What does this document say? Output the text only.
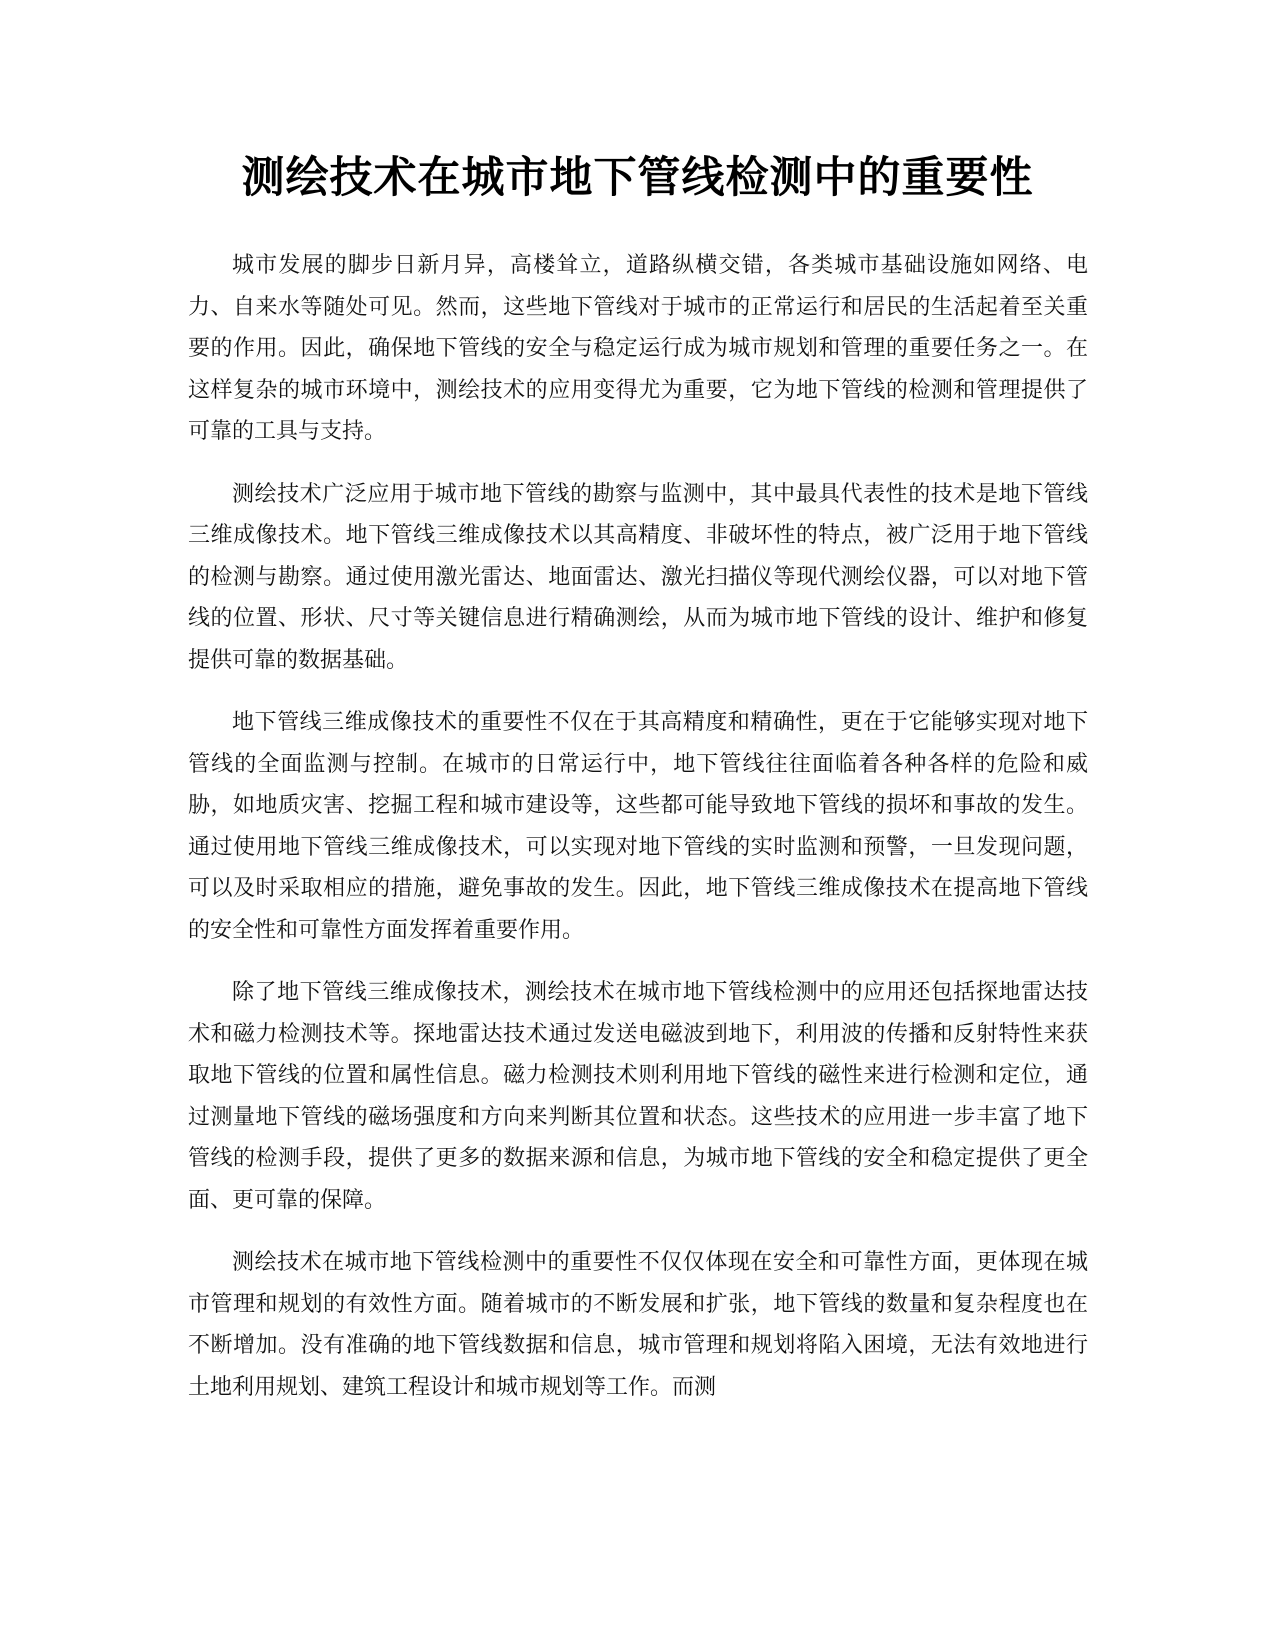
测绘技术在城市地下管线检测中的重要性

城市发展的脚步日新月异，高楼耸立，道路纵横交错，各类城市基础设施如网络、电力、自来水等随处可见。然而，这些地下管线对于城市的正常运行和居民的生活起着至关重要的作用。因此，确保地下管线的安全与稳定运行成为城市规划和管理的重要任务之一。在这样复杂的城市环境中，测绘技术的应用变得尤为重要，它为地下管线的检测和管理提供了可靠的工具与支持。

测绘技术广泛应用于城市地下管线的勘察与监测中，其中最具代表性的技术是地下管线三维成像技术。地下管线三维成像技术以其高精度、非破坏性的特点，被广泛用于地下管线的检测与勘察。通过使用激光雷达、地面雷达、激光扫描仪等现代测绘仪器，可以对地下管线的位置、形状、尺寸等关键信息进行精确测绘，从而为城市地下管线的设计、维护和修复提供可靠的数据基础。

地下管线三维成像技术的重要性不仅在于其高精度和精确性，更在于它能够实现对地下管线的全面监测与控制。在城市的日常运行中，地下管线往往面临着各种各样的危险和威胁，如地质灾害、挖掘工程和城市建设等，这些都可能导致地下管线的损坏和事故的发生。通过使用地下管线三维成像技术，可以实现对地下管线的实时监测和预警，一旦发现问题，可以及时采取相应的措施，避免事故的发生。因此，地下管线三维成像技术在提高地下管线的安全性和可靠性方面发挥着重要作用。

除了地下管线三维成像技术，测绘技术在城市地下管线检测中的应用还包括探地雷达技术和磁力检测技术等。探地雷达技术通过发送电磁波到地下，利用波的传播和反射特性来获取地下管线的位置和属性信息。磁力检测技术则利用地下管线的磁性来进行检测和定位，通过测量地下管线的磁场强度和方向来判断其位置和状态。这些技术的应用进一步丰富了地下管线的检测手段，提供了更多的数据来源和信息，为城市地下管线的安全和稳定提供了更全面、更可靠的保障。

测绘技术在城市地下管线检测中的重要性不仅仅体现在安全和可靠性方面，更体现在城市管理和规划的有效性方面。随着城市的不断发展和扩张，地下管线的数量和复杂程度也在不断增加。没有准确的地下管线数据和信息，城市管理和规划将陷入困境，无法有效地进行土地利用规划、建筑工程设计和城市规划等工作。而测
